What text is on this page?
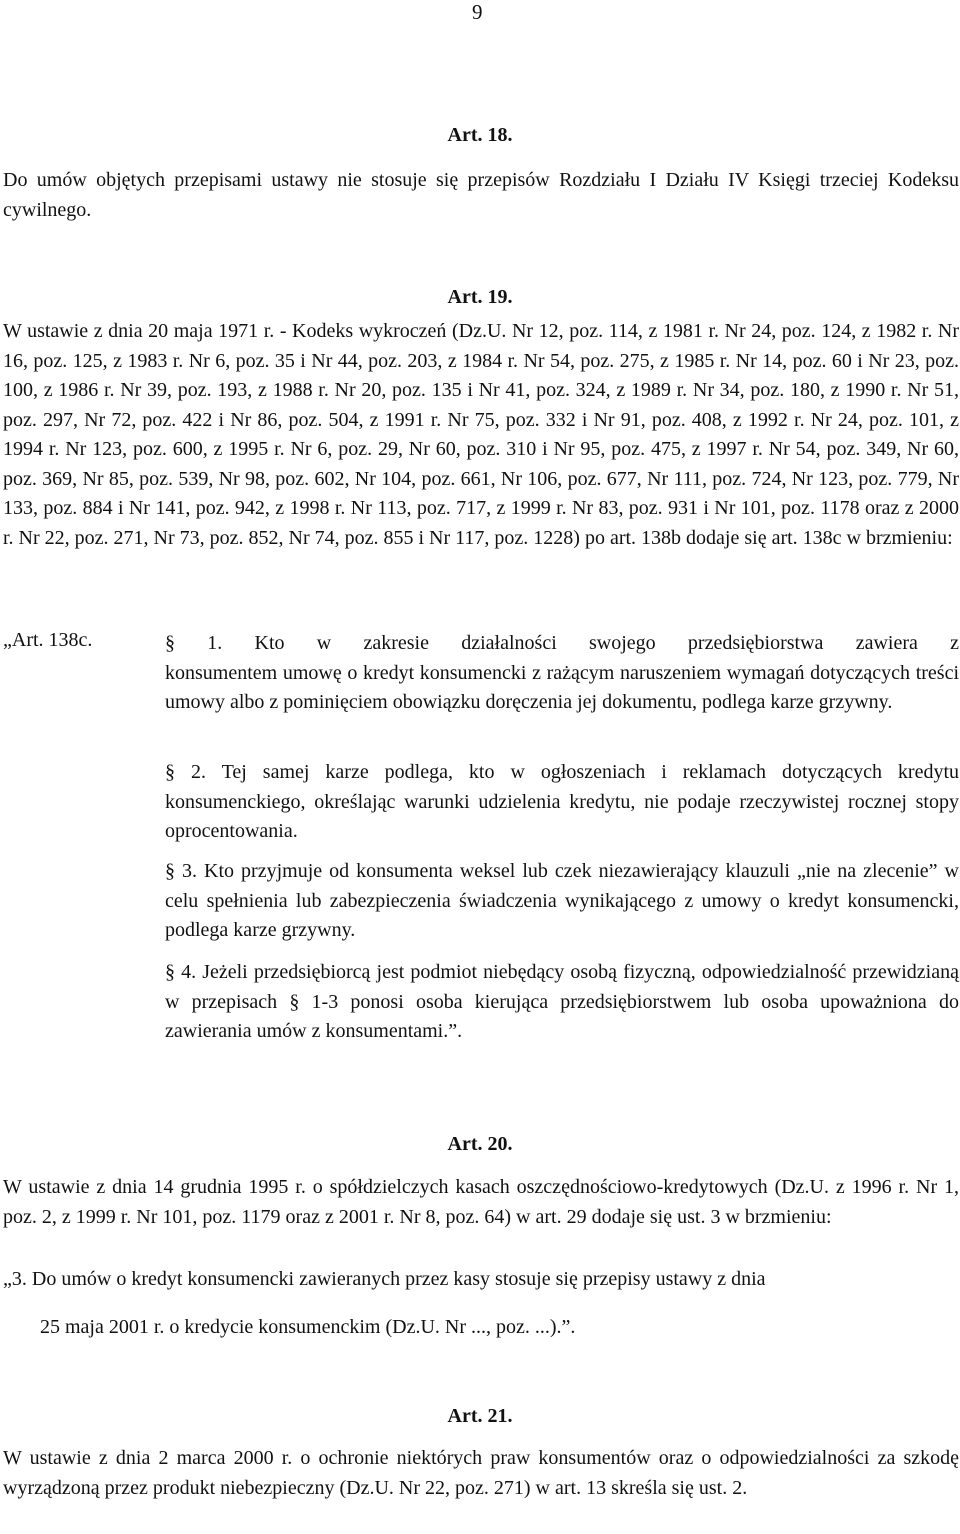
9
Art. 18.

Do umów objętych przepisami ustawy nie stosuje się przepisów Rozdziału I Działu IV Księgi trzeciej Kodeksu cywilnego.

Art. 19.

W ustawie z dnia 20 maja 1971 r. - Kodeks wykroczeń (Dz.U. Nr 12, poz. 114, z 1981 r. Nr 24, poz. 124, z 1982 r. Nr 16, poz. 125, z 1983 r. Nr 6, poz. 35 i Nr 44, poz. 203, z 1984 r. Nr 54, poz. 275, z 1985 r. Nr 14, poz. 60 i Nr 23, poz. 100, z 1986 r. Nr 39, poz. 193, z 1988 r. Nr 20, poz. 135 i Nr 41, poz. 324, z 1989 r. Nr 34, poz. 180, z 1990 r. Nr 51, poz. 297, Nr 72, poz. 422 i Nr 86, poz. 504, z 1991 r. Nr 75, poz. 332 i Nr 91, poz. 408, z 1992 r. Nr 24, poz. 101, z 1994 r. Nr 123, poz. 600, z 1995 r. Nr 6, poz. 29, Nr 60, poz. 310 i Nr 95, poz. 475, z 1997 r. Nr 54, poz. 349, Nr 60, poz. 369, Nr 85, poz. 539, Nr 98, poz. 602, Nr 104, poz. 661, Nr 106, poz. 677, Nr 111, poz. 724, Nr 123, poz. 779, Nr 133, poz. 884 i Nr 141, poz. 942, z 1998 r. Nr 113, poz. 717, z 1999 r. Nr 83, poz. 931 i Nr 101, poz. 1178 oraz z 2000 r. Nr 22, poz. 271, Nr 73, poz. 852, Nr 74, poz. 855 i Nr 117, poz. 1228) po art. 138b dodaje się art. 138c w brzmieniu:

„Art. 138c.	§ 1. Kto w zakresie działalności swojego przedsiębiorstwa zawiera z

konsumentem umowę o kredyt konsumencki z rażącym naruszeniem wymagań dotyczących treści umowy albo z pominięciem obowiązku doręczenia jej dokumentu, podlega karze grzywny.

§ 2. Tej samej karze podlega, kto w ogłoszeniach i reklamach dotyczących kredytu konsumenckiego, określając warunki udzielenia kredytu, nie podaje rzeczywistej rocznej stopy oprocentowania.

§ 3. Kto przyjmuje od konsumenta weksel lub czek niezawierający klauzuli „nie na zlecenie” w celu spełnienia lub zabezpieczenia świadczenia wynikającego z umowy o kredyt konsumencki, podlega karze grzywny.

§ 4. Jeżeli przedsiębiorcą jest podmiot niebędący osobą fizyczną, odpowiedzialność przewidzianą w przepisach § 1-3 ponosi osoba kierująca przedsiębiorstwem lub osoba upoważniona do zawierania umów z konsumentami.”.

Art. 20.

W ustawie z dnia 14 grudnia 1995 r. o spółdzielczych kasach oszczędnościowo-kredytowych (Dz.U. z 1996 r. Nr 1, poz. 2, z 1999 r. Nr 101, poz. 1179 oraz z 2001 r. Nr 8, poz. 64) w art. 29 dodaje się ust. 3 w brzmieniu:

„3. Do umów o kredyt konsumencki zawieranych przez kasy stosuje się przepisy ustawy z dnia
25 maja 2001 r. o kredycie konsumenckim (Dz.U. Nr ..., poz. ...).”.
Art. 21.

W ustawie z dnia 2 marca 2000 r. o ochronie niektórych praw konsumentów oraz o odpowiedzialności za szkodę wyrządzoną przez produkt niebezpieczny (Dz.U. Nr 22, poz. 271) w art. 13 skreśla się ust. 2.
